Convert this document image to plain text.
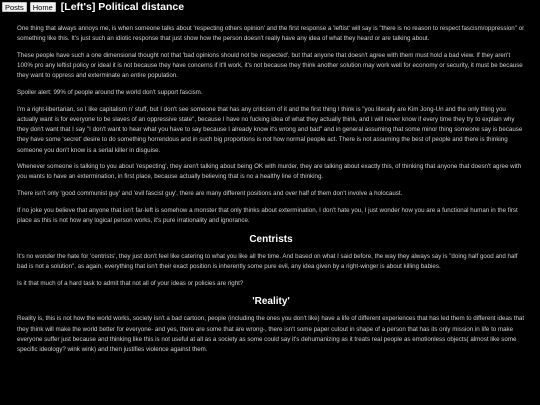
Posts	Home [Left's] Political distance

One thing that always annoys me, is when someone talks about 'respecting others opinion' and the first response a 'leftist' will say is "there is no reason to respect fascism/oppression" or something like this. It's just such an idiotic response that just show how the person doesn't really have any idea of what they heard or are talking about.

These people have such a one dimensional thought not that 'bad opinions should not be respected', but that anyone that doesn't agree with them must hold a bad view. If they aren't 100% pro any leftist policy or ideal it is not because they have concerns if it'll work, it's not because they think another solution may work well for economy or security, it must be because they want to oppress and exterminate an entire population.

Spoiler alert: 99% of people around the world don't support fascism.

I'm a right-libertarian, so I like capitalism n' stuff, but I don't see someone that has any criticism of it and the first thing I think is "you literally are Kim Jong-Un and the only thing you actually want is for everyone to be slaves of an oppressive state", because I have no fucking idea of what they actually think, and I will never know if every time they try to explain why they don't want that I say "I don't want to hear what you have to say because I already know it's wrong and bad" and in general assuming that some minor thing someone say is because they have some 'secret' desire to do something horrendous and in such big proportions is not how normal people act. There is not assuming the best of people and there is thinking someone you don't know is a serial killer in disguise.

Whenever someone is talking to you about 'respecting', they aren't talking about being OK with murder, they are talking about exactly this, of thinking that anyone that doesn't agree with you wants to have an extermination, in first place, because actually believing that is no a healthy line of thinking.

There isn't only 'good communist guy' and 'evil fascist guy', there are many different positions and over half of them don't involve a holocaust.

If no joke you believe that anyone that isn't far-left is somehow a monster that only thinks about extermination, I don't hate you, I just wonder how you are a functional human in the first place as this is not how any logical person works, it's pure irrationality and ignorance.

Centrists

It's no wonder the hate for 'centrists', they just don't feel like catering to what you like all the time. And based on what I said before, the way they always say is "doing half good and half bad is not a solution", as again, everything that isn't their exact position is inherently some pure evil, any idea given by a right-winger is about killing babies.

Is it that much of a hard task to admit that not all of your ideas or policies are right?

'Reality'

Reality is, this is not how the world works, society isn't a bad cartoon, people (including the ones you don't like) have a life of different experiences that has led them to different ideas that they think will make the world better for everyone- and yes, there are some that are wrong-, there isn't some paper cutout in shape of a person that has its only mission in life to make everyone suffer just because and thinking like this is not useful at all as a society as some could say it's dehumanizing as it treats real people as emotionless objects( almost like some specific ideology? wink wink) and then justifies violence against them.
